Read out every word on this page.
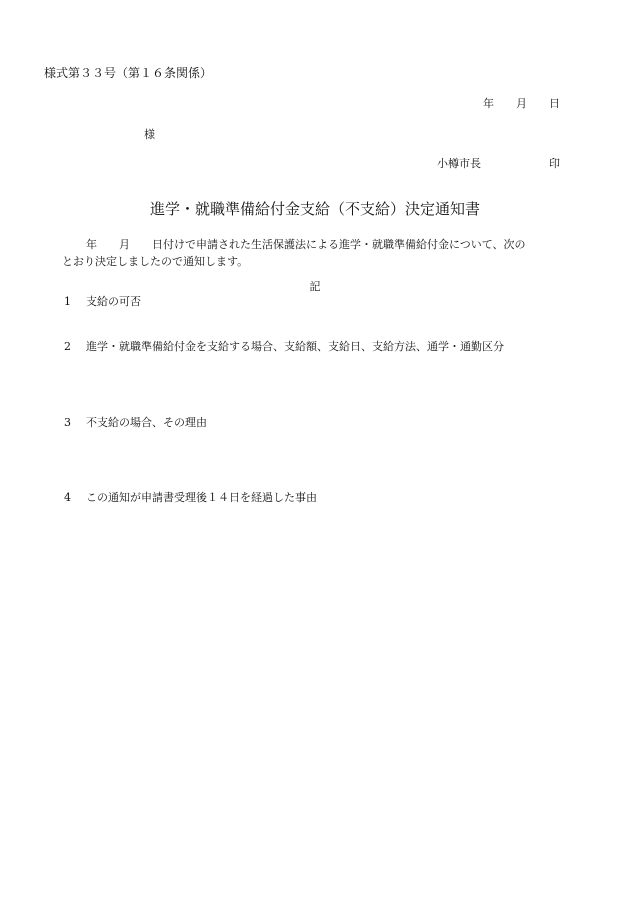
様式第３３号（第１６条関係）
年 月 日
様
小樽市長	印
進学・就職準備給付金支給（不支給）決定通知書
年 月 日付けで申請された生活保護法による進学・就職準備給付金について、次の
とおり決定しましたので通知します。
記
1 支給の可否
2 進学・就職準備給付金を支給する場合、支給額、支給日、支給方法、通学・通勤区分
3 不支給の場合、その理由
4 この通知が申請書受理後１４日を経過した事由
